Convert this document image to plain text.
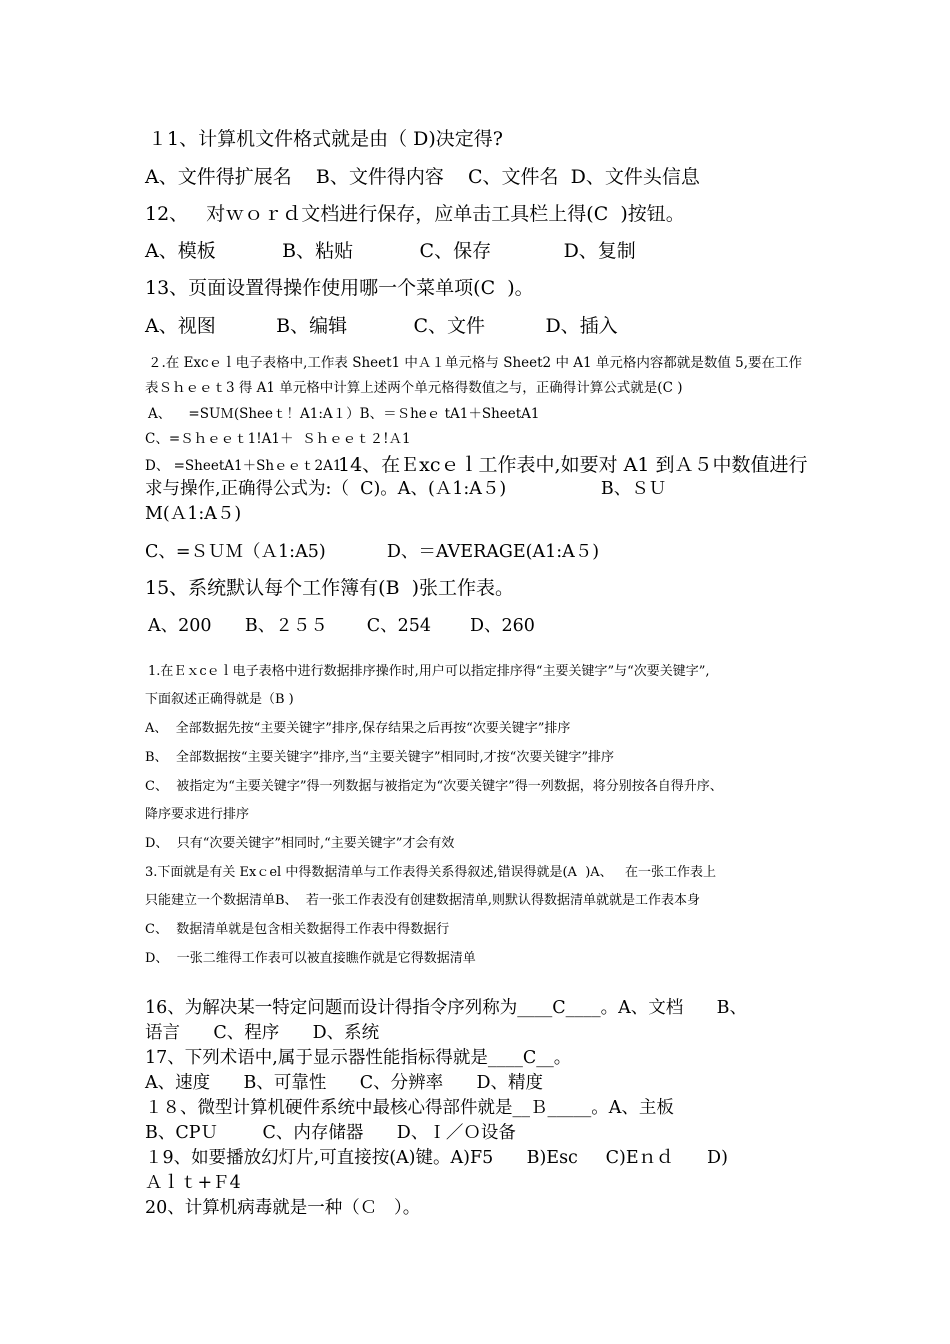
１1、计算机文件格式就是由（ D)决定得?
A、文件得扩展名    B、文件得内容    C、文件名  D、文件头信息
12、   对ｗｏｒｄ文档进行保存，应单击工具栏上得(C  )按钮。
A、模板           B、粘贴           C、保存            D、复制
13、页面设置得操作使用哪一个菜单项(C  )。
A、视图          B、编辑           C、文件          D、插入
２.在 Excｅｌ电子表格中,工作表 Sheet1 中Ａ１单元格与 Sheet2 中 A1 单元格内容都就是数值 5,要在工作
表Ｓｈｅｅｔ3 得 A1 单元格中计算上述两个单元格得数值之与，正确得计算公式就是(C )
A、    =SUＭ(Sheeｔ！A1:A１）B、＝Ｓheｅ tA1＋SheetA1
C、=Ｓｈｅｅｔ1!A1＋  Ｓｈｅｅｔ２!Ａ1
D、 =SheetA1＋Shｅｅｔ2A1
14、在Ｅxcｅｌ工作表中,如要对 A1 到Ａ５中数值进行
求与操作,正确得公式为:（  C)。A、(Ａ1:A５)                 B、ＳＵ
M(Ａ1:A５)
C、=ＳＵＭ（Ａ1:A5)           D、＝AVERAGE(A1:A５)
15、系统默认每个工作簿有(B  )张工作表。
A、200      B、２５５       C、254       D、260
1.在Ｅｘcｅｌ电子表格中进行数据排序操作时,用户可以指定排序得“主要关键字”与“次要关键字”,
下面叙述正确得就是（B )
A、  全部数据先按“主要关键字”排序,保存结果之后再按“次要关键字”排序
B、  全部数据按“主要关键字”排序,当“主要关键字”相同时,才按“次要关键字”排序
C、  被指定为“主要关键字”得一列数据与被指定为“次要关键字”得一列数据，将分别按各自得升序、
降序要求进行排序
D、  只有“次要关键字”相同时,“主要关键字”才会有效
3.下面就是有关 Exｃel 中得数据清单与工作表得关系得叙述,错误得就是(A  )A、   在一张工作表上
只能建立一个数据清单B、  若一张工作表没有创建数据清单,则默认得数据清单就就是工作表本身
C、  数据清单就是包含相关数据得工作表中得数据行
D、  一张二维得工作表可以被直接瞧作就是它得数据清单
16、为解决某一特定问题而设计得指令序列称为____C____。A、文档      B、
语言      C、程序      D、系统
17、下列术语中,属于显示器性能指标得就是____C__。
A、速度      B、可靠性      C、分辨率      D、精度
１８、微型计算机硬件系统中最核心得部件就是__Ｂ_____。A、主板
B、CPＵ        C、内存储器      D、Ｉ／Ｏ设备
１9、如要播放幻灯片,可直接按(A)键。A)F5      B)Esc     C)Eｎｄ      D)
Ａｌｔ+Ｆ4
20、计算机病毒就是一种（Ｃ   ）。
